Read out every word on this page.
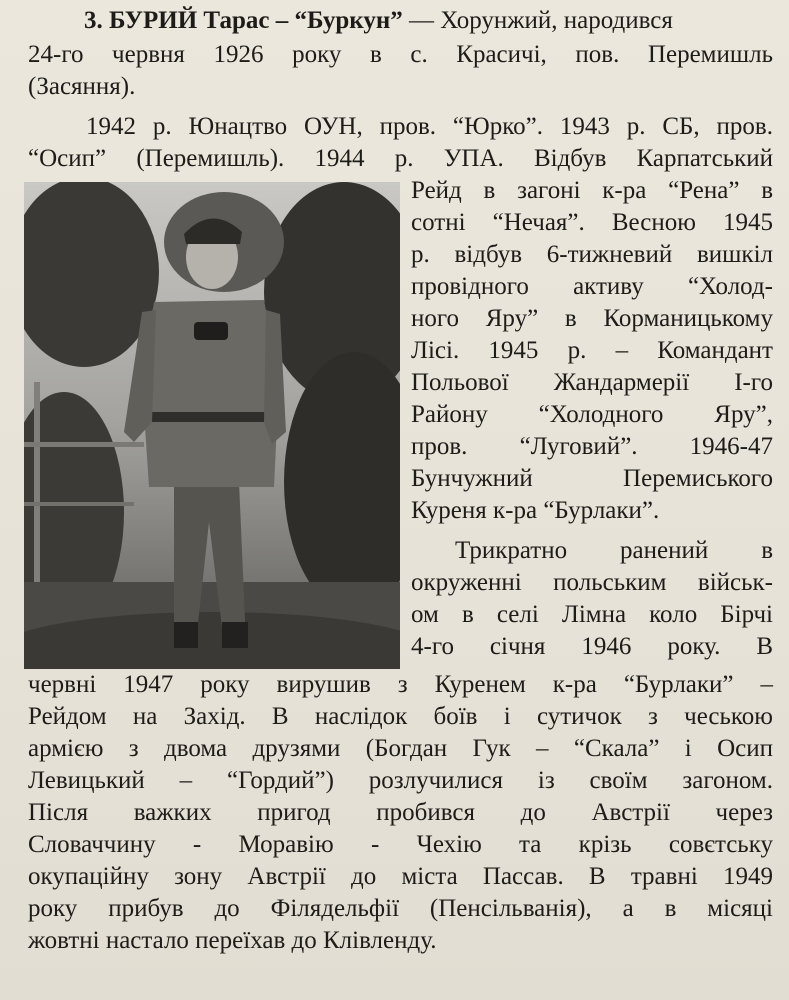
3. БУРИЙ Тарас – “Буркун” — Хорунжий, народився
24-го червня 1926 року в с. Красичі, пов. Перемишль
(Засяння).
1942 р. Юнацтво ОУН, пров. “Юрко”. 1943 р. СБ, пров.
“Осип” (Перемишль). 1944 р. УПА. Відбув Карпатський
Рейд в загоні к-ра “Рена” в
сотні “Нечая”. Весною 1945
р. відбув 6-тижневий вишкіл
провідного активу “Холод-
ного Яру” в Корманицькому
Лісі. 1945 р. – Командант
Польової Жандармерії І-го
Району “Холодного Яру”,
пров. “Луговий”. 1946-47
Бунчужний Перемиського
Куреня к-ра “Бурлаки”.
Трикратно ранений в
окруженні польським військ-
ом в селі Лімна коло Бірчі
4-го січня 1946 року. В
червні 1947 року вирушив з Куренем к-ра “Бурлаки” –
Рейдом на Захід. В наслідок боїв і сутичок з чеською
армією з двома друзями (Богдан Гук – “Скала” і Осип
Левицький – “Гордий”) розлучилися із своїм загоном.
Після важких пригод пробився до Австрії через
Словаччину - Моравію - Чехію та крізь совєтську
окупаційну зону Австрії до міста Пассав. В травні 1949
року прибув до Філядельфії (Пенсільванія), а в місяці
жовтні настало переїхав до Клівленду.
